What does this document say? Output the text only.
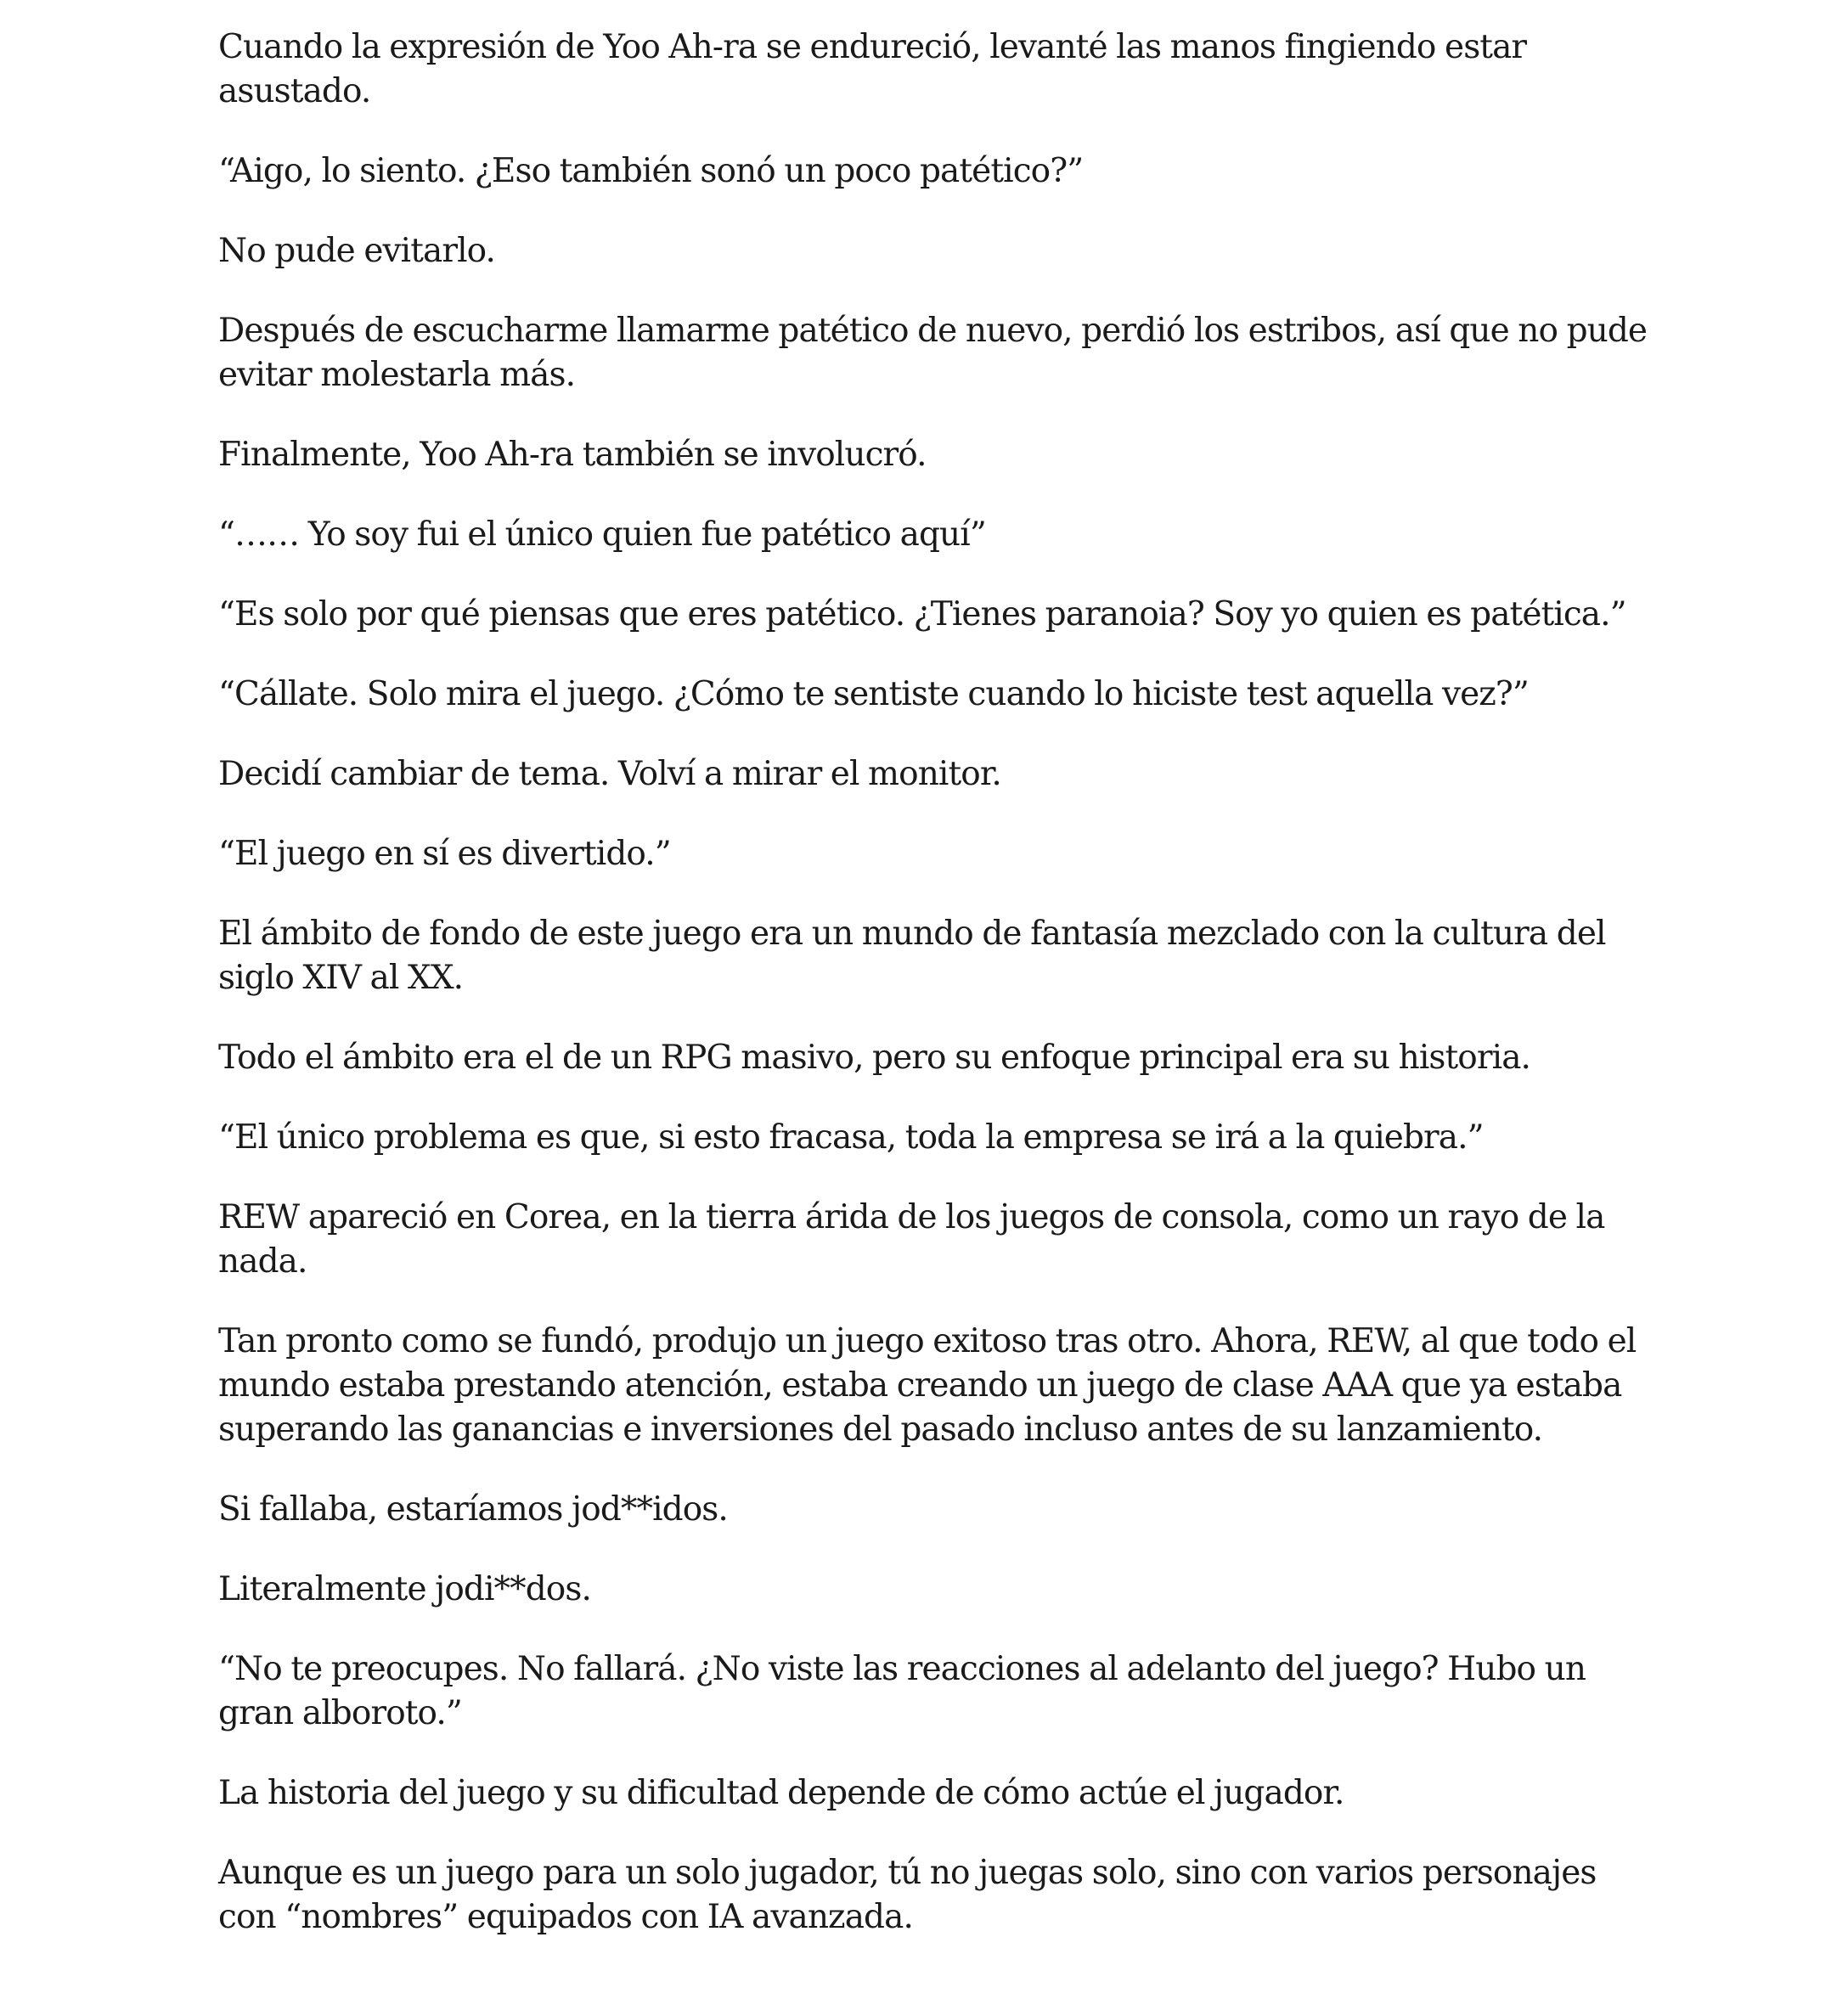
Cuando la expresión de Yoo Ah-ra se endureció, levanté las manos fingiendo estar asustado.

“Aigo, lo siento. ¿Eso también sonó un poco patético?”

No pude evitarlo.

Después de escucharme llamarme patético de nuevo, perdió los estribos, así que no pude evitar molestarla más.

Finalmente, Yoo Ah-ra también se involucró.

“…… Yo soy fui el único quien fue patético aquí”

“Es solo por qué piensas que eres patético. ¿Tienes paranoia? Soy yo quien es patética.”

“Cállate. Solo mira el juego. ¿Cómo te sentiste cuando lo hiciste test aquella vez?”

Decidí cambiar de tema. Volví a mirar el monitor.

“El juego en sí es divertido.”

El ámbito de fondo de este juego era un mundo de fantasía mezclado con la cultura del siglo XIV al XX.

Todo el ámbito era el de un RPG masivo, pero su enfoque principal era su historia.

“El único problema es que, si esto fracasa, toda la empresa se irá a la quiebra.”

REW apareció en Corea, en la tierra árida de los juegos de consola, como un rayo de la nada.

Tan pronto como se fundó, produjo un juego exitoso tras otro. Ahora, REW, al que todo el mundo estaba prestando atención, estaba creando un juego de clase AAA que ya estaba superando las ganancias e inversiones del pasado incluso antes de su lanzamiento.

Si fallaba, estaríamos jod**idos.

Literalmente jodi**dos.

“No te preocupes. No fallará. ¿No viste las reacciones al adelanto del juego? Hubo un gran alboroto.”

La historia del juego y su dificultad depende de cómo actúe el jugador.

Aunque es un juego para un solo jugador, tú no juegas solo, sino con varios personajes con “nombres” equipados con IA avanzada.
